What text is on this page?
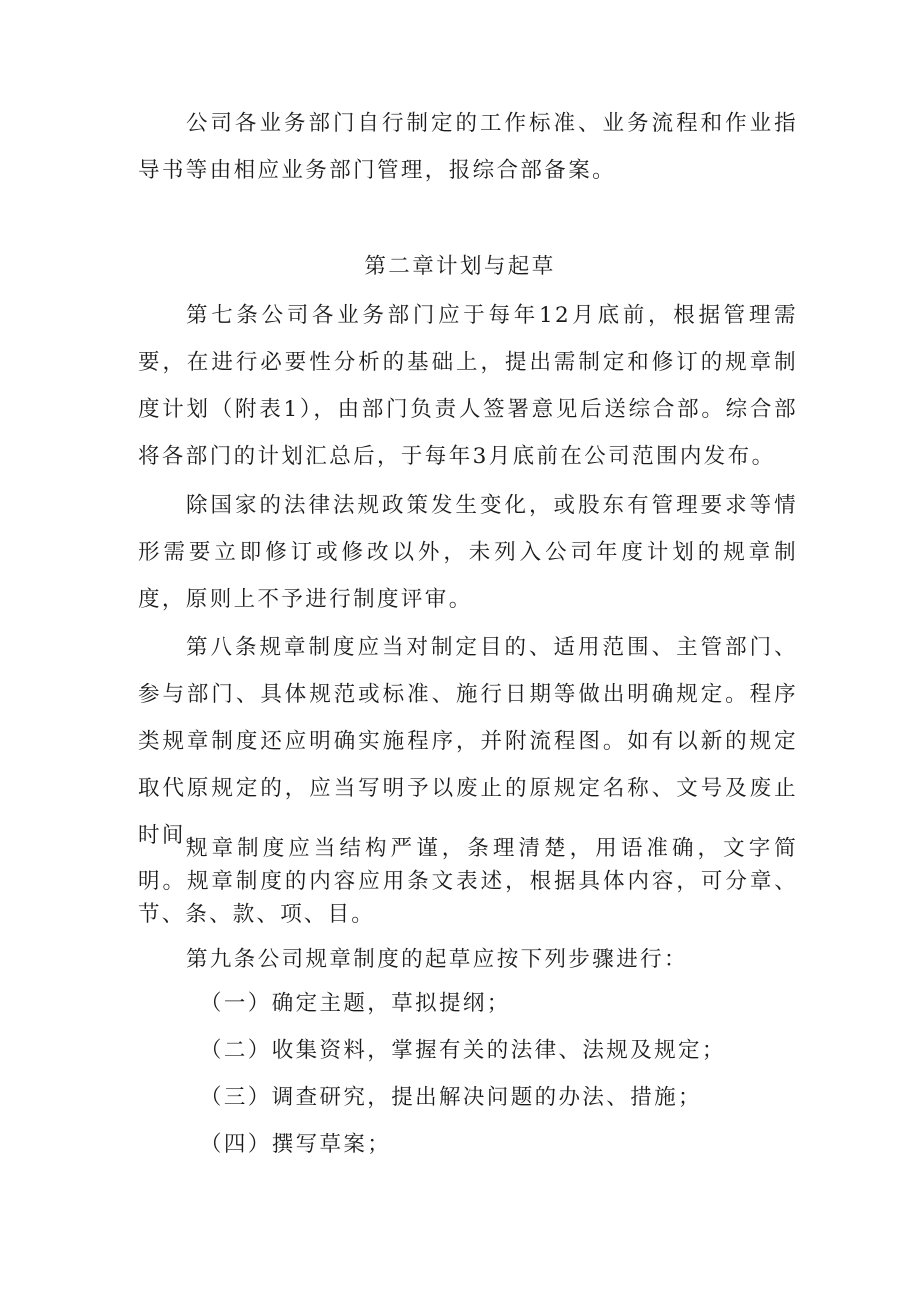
公司各业务部门自行制定的工作标准、业务流程和作业指导书等由相应业务部门管理，报综合部备案。

第二章计划与起草

第七条公司各业务部门应于每年12月底前，根据管理需要，在进行必要性分析的基础上，提出需制定和修订的规章制度计划（附表1），由部门负责人签署意见后送综合部。综合部将各部门的计划汇总后，于每年3月底前在公司范围内发布。

除国家的法律法规政策发生变化，或股东有管理要求等情形需要立即修订或修改以外，未列入公司年度计划的规章制度，原则上不予进行制度评审。

第八条规章制度应当对制定目的、适用范围、主管部门、参与部门、具体规范或标准、施行日期等做出明确规定。程序类规章制度还应明确实施程序，并附流程图。如有以新的规定取代原规定的，应当写明予以废止的原规定名称、文号及废止时间。

规章制度应当结构严谨，条理清楚，用语准确，文字简明。规章制度的内容应用条文表述，根据具体内容，可分章、节、条、款、项、目。

第九条公司规章制度的起草应按下列步骤进行：

（一）确定主题，草拟提纲；

（二）收集资料，掌握有关的法律、法规及规定；

（三）调查研究，提出解决问题的办法、措施；

（四）撰写草案；
